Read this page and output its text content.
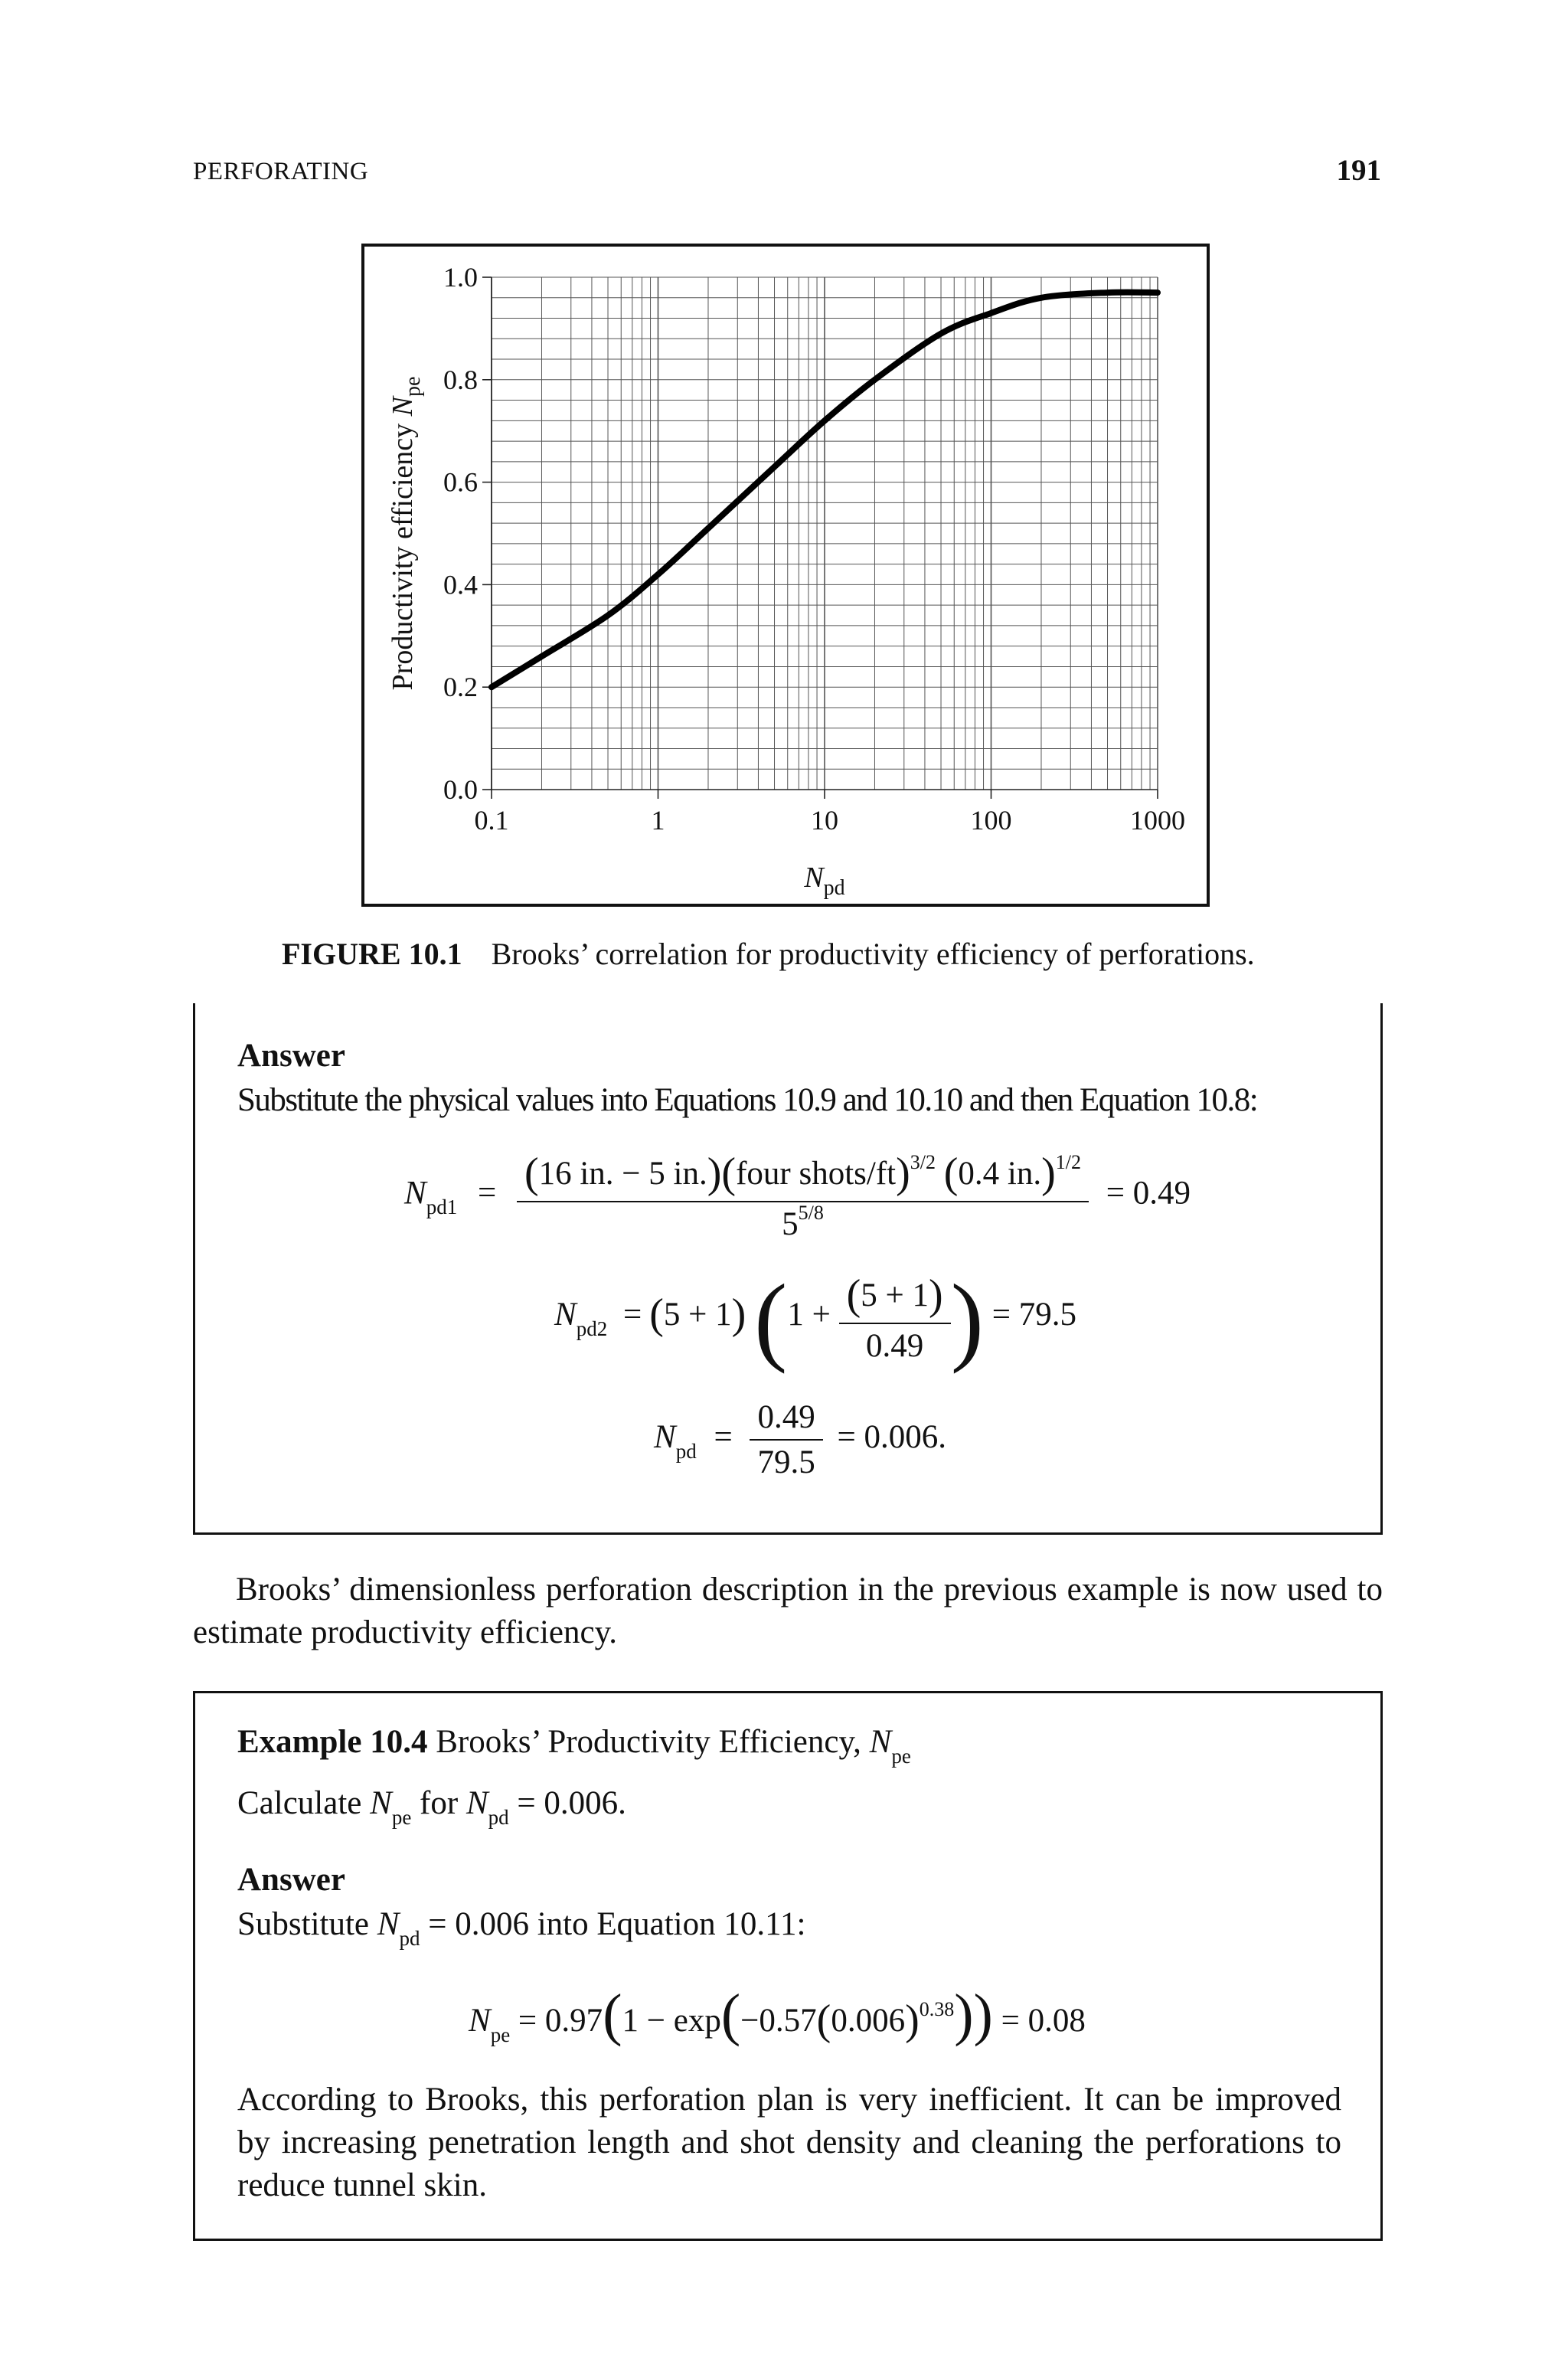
PERFORATING	191
1.0
0.8
0.6
0.4
0.2
0.0
0.1	1	10	100	1000
$N_{pd}$
Productivity efficiency $N_{pe}$
FIGURE 10.1 Brooks’ correlation for productivity efficiency of perforations.
Answer
Substitute the physical values into Equations 10.9 and 10.10 and then Equation 10.8:
$N_{pd1} = \frac{(16 in. - 5 in.)(four shots/ft)^{3/2} (0.4 in.)^{1/2}}{5^{5/8}} = 0.49$
$N_{pd2} = (5 + 1) (1 + \frac{(5 + 1)}{0.49}$ ) = 79.5
$N_{pd} = \frac{0.49}{79.5} = 0.006$.
Brooks’ dimensionless perforation description in the previous example is now used to estimate productivity efficiency.
Example 10.4 Brooks’ Productivity Efficiency, $N_{pe}$
Calculate $N_{pe}$ for $N_{pd} = 0.006$.
Answer
Substitute $N_{pd} = 0.006$ into Equation 10.11:
$N_{pe} = 0.97(1 - \exp(-0.57(0.006)^{0.38})) = 0.08$
According to Brooks, this perforation plan is very inefficient. It can be improved by increasing penetration length and shot density and cleaning the perforations to reduce tunnel skin.
